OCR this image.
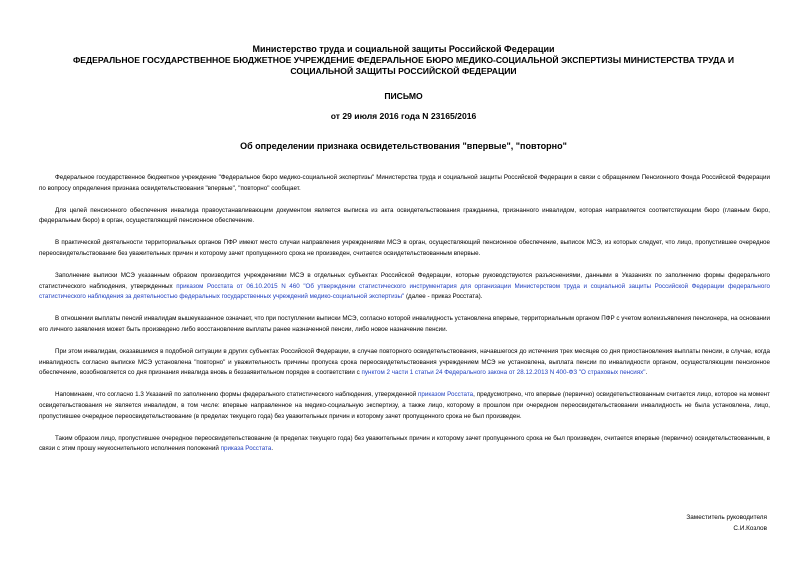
Министерство труда и социальной защиты Российской Федерации
ФЕДЕРАЛЬНОЕ ГОСУДАРСТВЕННОЕ БЮДЖЕТНОЕ УЧРЕЖДЕНИЕ ФЕДЕРАЛЬНОЕ БЮРО МЕДИКО-СОЦИАЛЬНОЙ ЭКСПЕРТИЗЫ МИНИСТЕРСТВА ТРУДА И
СОЦИАЛЬНОЙ ЗАЩИТЫ РОССИЙСКОЙ ФЕДЕРАЦИИ
ПИСЬМО
от 29 июля 2016 года N 23165/2016
Об определении признака освидетельствования "впервые", "повторно"

Федеральное государственное бюджетное учреждение "Федеральное бюро медико-социальной экспертизы" Министерства труда и социальной защиты Российской Федерации в связи с обращением Пенсионного Фонда Российской Федерации по вопросу определения признака освидетельствования "впервые", "повторно" сообщает.

Для целей пенсионного обеспечения инвалида правоустанавливающим документом является выписка из акта освидетельствования гражданина, признанного инвалидом, которая направляется соответствующим бюро (главным бюро, федеральным бюро) в орган, осуществляющий пенсионное обеспечение.

В практической деятельности территориальных органов ПФР имеют место случаи направления учреждениями МСЭ в орган, осуществляющий пенсионное обеспечение, выписок МСЭ, из которых следует, что лицо, пропустившее очередное переосвидетельствование без уважительных причин и которому зачет пропущенного срока не произведен, считается освидетельствованным впервые.

Заполнение выписки МСЭ указанным образом производится учреждениями МСЭ в отдельных субъектах Российской Федерации, которые руководствуются разъяснениями, данными в Указаниях по заполнению формы федерального статистического наблюдения, утвержденных приказом Росстата от 06.10.2015 N 460 "Об утверждении статистического инструментария для организации Министерством труда и социальной защиты Российской Федерации федерального статистического наблюдения за деятельностью федеральных государственных учреждений медико-социальной экспертизы" (далее - приказ Росстата).

В отношении выплаты пенсий инвалидам вышеуказанное означает, что при поступлении выписки МСЭ, согласно которой инвалидность установлена впервые, территориальным органом ПФР с учетом волеизъявления пенсионера, на основании его личного заявления может быть произведено либо восстановление выплаты ранее назначенной пенсии, либо новое назначение пенсии.

При этом инвалидам, оказавшимся в подобной ситуации в других субъектах Российской Федерации, в случае повторного освидетельствования, начавшегося до истечения трех месяцев со дня приостановления выплаты пенсии, в случае, когда инвалидность согласно выписке МСЭ установлена "повторно" и уважительность причины пропуска срока переосвидетельствования учреждением МСЭ не установлена, выплата пенсии по инвалидности органом, осуществляющим пенсионное обеспечение, возобновляется со дня признания инвалида вновь в беззаявительном порядке в соответствии с пунктом 2 части 1 статьи 24 Федерального закона от 28.12.2013 N 400-ФЗ "О страховых пенсиях".

Напоминаем, что согласно 1.3 Указаний по заполнению формы федерального статистического наблюдения, утвержденной приказом Росстата, предусмотрено, что впервые (первично) освидетельствованным считается лицо, которое на момент освидетельствования не является инвалидом, в том числе: впервые направленное на медико-социальную экспертизу, а также лицо, которому в прошлом при очередном переосвидетельствовании инвалидность не была установлена, лицо, пропустившее очередное переосвидетельствование (в пределах текущего года) без уважительных причин и которому зачет пропущенного срока не был произведен.

Таким образом лицо, пропустившее очередное переосвидетельствование (в пределах текущего года) без уважительных причин и которому зачет пропущенного срока не был произведен, считается впервые (первично) освидетельствованным, в связи с этим прошу неукоснительного исполнения положений приказа Росстата.

Заместитель руководителя
С.И.Козлов
